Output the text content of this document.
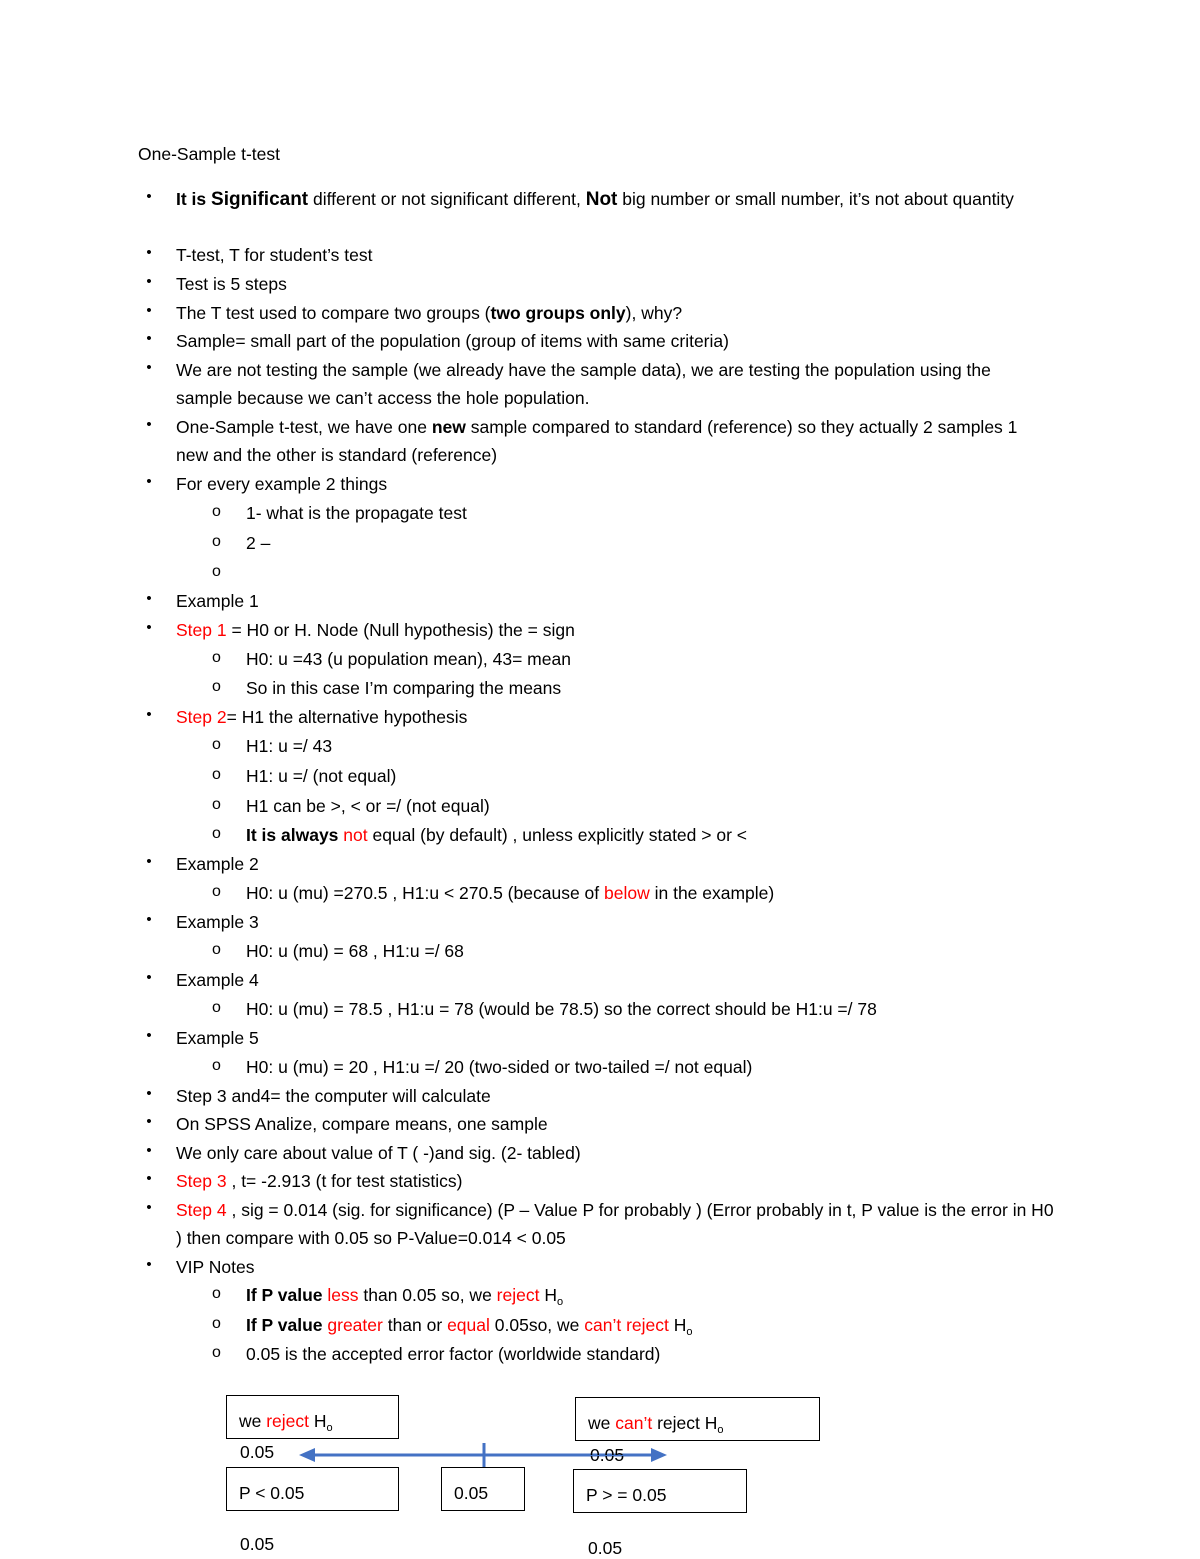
One-Sample t-test
• It is Significant different or not significant different, Not big number or small number, it’s not about quantity
• T-test, T for student’s test
• Test is 5 steps
• The T test used to compare two groups (two groups only), why?
• Sample= small part of the population (group of items with same criteria)
• We are not testing the sample (we already have the sample data), we are testing the population using the sample because we can’t access the hole population.
• One-Sample t-test, we have one new sample compared to standard (reference) so they actually 2 samples 1 new and the other is standard (reference)
• For every example 2 things
o 1- what is the propagate test
o 2 –
o
• Example 1
• Step 1 = H0 or H. Node (Null hypothesis) the = sign
o H0: u =43 (u population mean), 43= mean
o So in this case I’m comparing the means
• Step 2= H1 the alternative hypothesis
o H1: u =/ 43
o H1: u =/ (not equal)
o H1 can be >, < or =/ (not equal)
o It is always not equal (by default) , unless explicitly stated > or <
• Example 2
o H0: u (mu) =270.5 , H1:u < 270.5 (because of below in the example)
• Example 3
o H0: u (mu) = 68 , H1:u =/ 68
• Example 4
o H0: u (mu) = 78.5 , H1:u = 78 (would be 78.5) so the correct should be H1:u =/ 78
• Example 5
o H0: u (mu) = 20 , H1:u =/ 20 (two-sided or two-tailed =/ not equal)
• Step 3 and4= the computer will calculate
• On SPSS Analize, compare means, one sample
• We only care about value of T ( -)and sig. (2- tabled)
• Step 3 , t= -2.913 (t for test statistics)
• Step 4 , sig = 0.014 (sig. for significance) (P – Value P for probably ) (Error probably in t, P value is the error in H0 ) then compare with 0.05 so P-Value=0.014 < 0.05
• VIP Notes
o If P value less than 0.05 so, we reject $H_o$
o If P value greater than or equal 0.05so, we can’t reject $H_o$
o 0.05 is the accepted error factor (worldwide standard)
we reject $H_o$	we can’t reject $H_o$
0.05	0.05
P < 0.05	0.05	P > = 0.05
0.05	0.05
